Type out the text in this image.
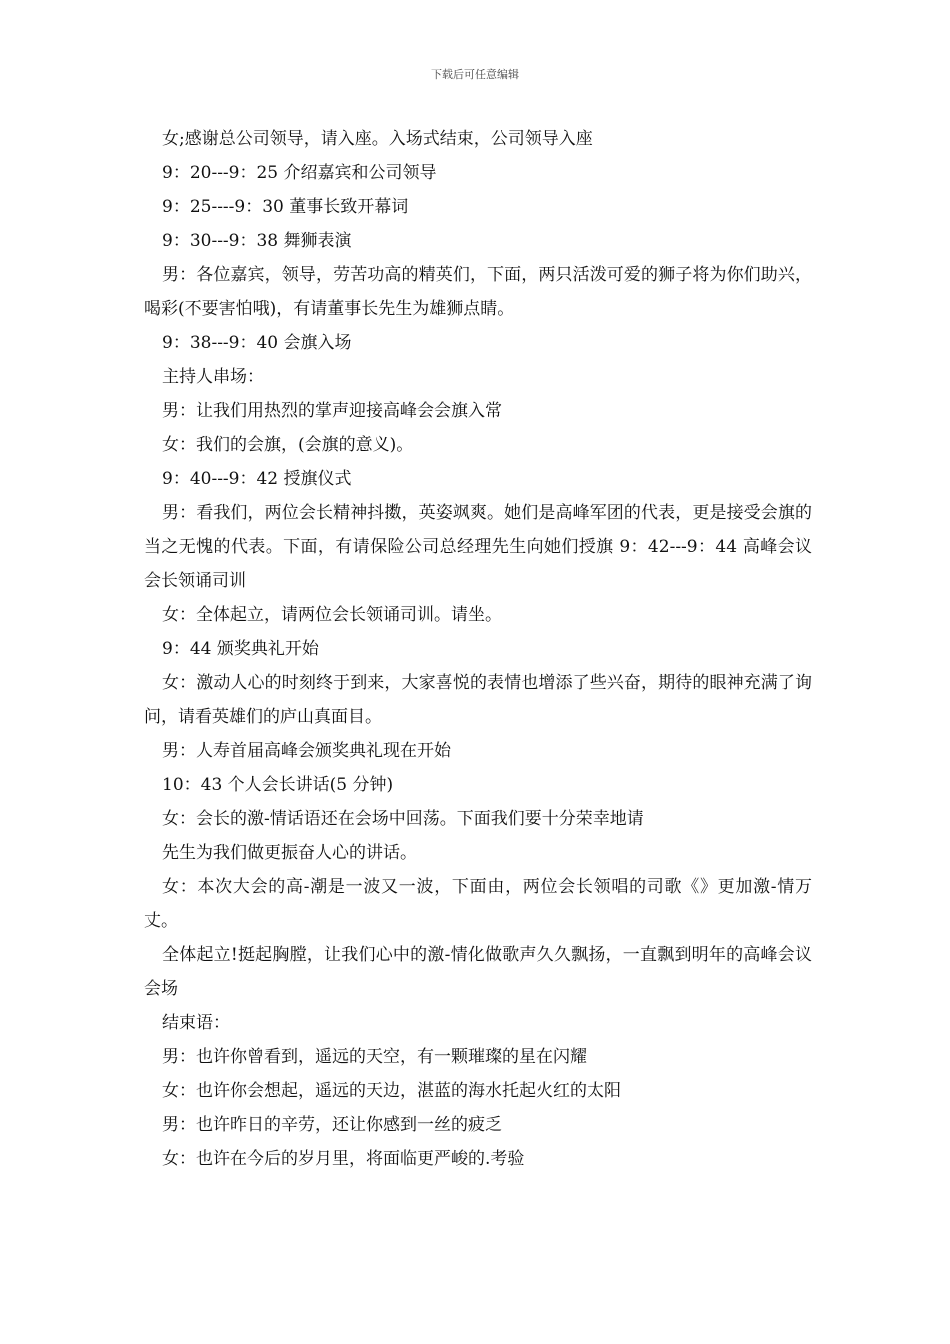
下载后可任意编辑

女;感谢总公司领导，请入座。入场式结束，公司领导入座

9：20---9：25 介绍嘉宾和公司领导

9：25----9：30 董事长致开幕词

9：30---9：38 舞狮表演

男：各位嘉宾，领导，劳苦功高的精英们，下面，两只活泼可爱的狮子将为你们助兴，喝彩(不要害怕哦)，有请董事长先生为雄狮点睛。

9：38---9：40 会旗入场

主持人串场：

男：让我们用热烈的掌声迎接高峰会会旗入常

女：我们的会旗，(会旗的意义)。

9：40---9：42 授旗仪式

男：看我们，两位会长精神抖擞，英姿飒爽。她们是高峰军团的代表，更是接受会旗的当之无愧的代表。下面，有请保险公司总经理先生向她们授旗 9：42---9：44 高峰会议会长领诵司训

女：全体起立，请两位会长领诵司训。请坐。

9：44 颁奖典礼开始

女：激动人心的时刻终于到来，大家喜悦的表情也增添了些兴奋，期待的眼神充满了询问，请看英雄们的庐山真面目。

男：人寿首届高峰会颁奖典礼现在开始

10：43 个人会长讲话(5 分钟)

女：会长的激-情话语还在会场中回荡。下面我们要十分荣幸地请

先生为我们做更振奋人心的讲话。

女：本次大会的高-潮是一波又一波，下面由，两位会长领唱的司歌《》更加激-情万丈。

全体起立!挺起胸膛，让我们心中的激-情化做歌声久久飘扬，一直飘到明年的高峰会议会场

结束语：

男：也许你曾看到，遥远的天空，有一颗璀璨的星在闪耀

女：也许你会想起，遥远的天边，湛蓝的海水托起火红的太阳

男：也许昨日的辛劳，还让你感到一丝的疲乏

女：也许在今后的岁月里，将面临更严峻的.考验
